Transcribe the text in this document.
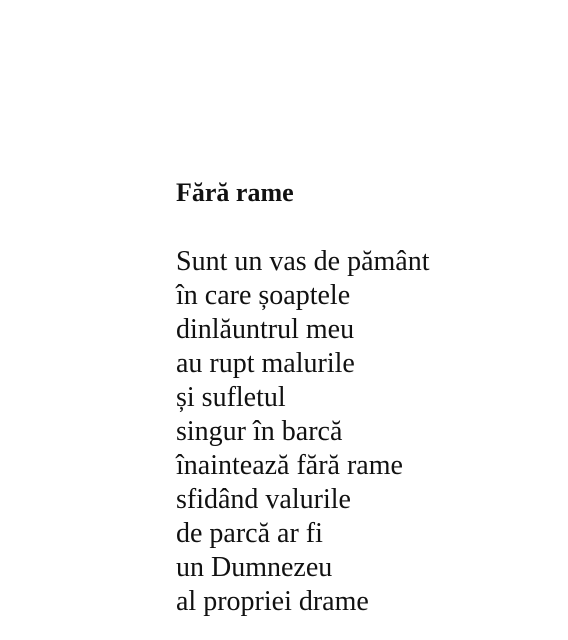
Fără rame
Sunt un vas de pământ
în care șoaptele
dinlăuntrul meu
au rupt malurile
și sufletul
singur în barcă
înaintează fără rame
sfidând valurile
de parcă ar fi
un Dumnezeu
al propriei drame
